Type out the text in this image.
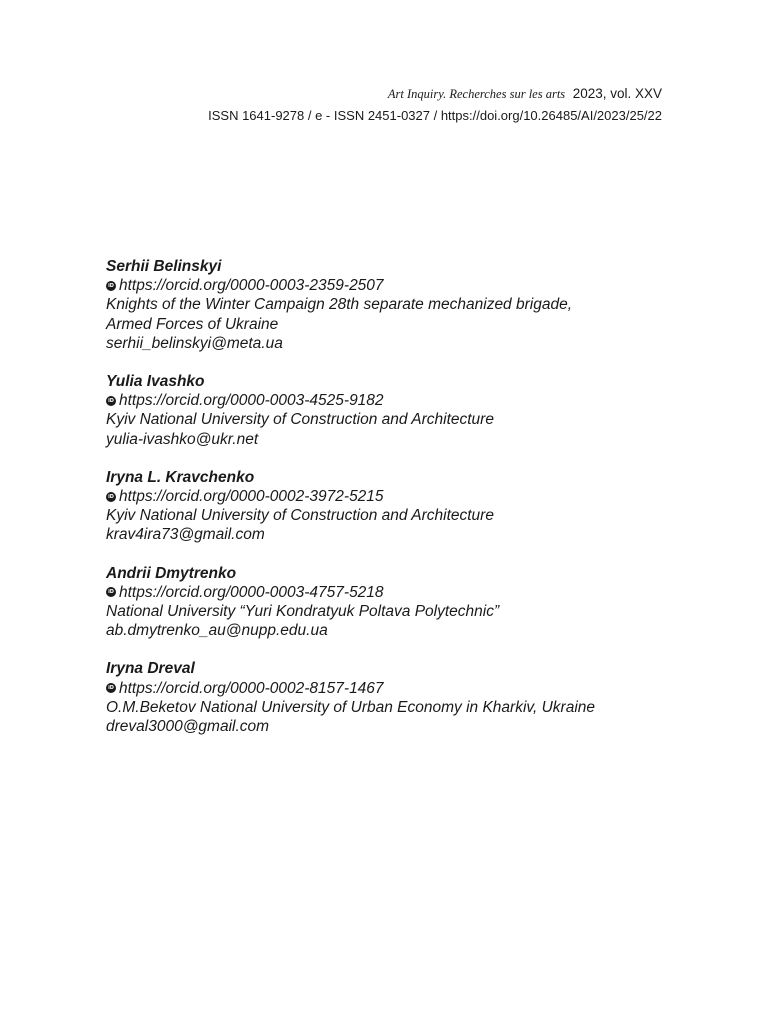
Art Inquiry. Recherches sur les arts 2023, vol. XXV
ISSN 1641-9278 / e - ISSN 2451-0327 / https://doi.org/10.26485/AI/2023/25/22
Serhii Belinskyi
iD https://orcid.org/0000-0003-2359-2507
Knights of the Winter Campaign 28th separate mechanized brigade,
Armed Forces of Ukraine
serhii_belinskyi@meta.ua
Yulia Ivashko
iD https://orcid.org/0000-0003-4525-9182
Kyiv National University of Construction and Architecture
yulia-ivashko@ukr.net
Iryna L. Kravchenko
iD https://orcid.org/0000-0002-3972-5215
Kyiv National University of Construction and Architecture
krav4ira73@gmail.com
Andrii Dmytrenko
iD https://orcid.org/0000-0003-4757-5218
National University “Yuri Kondratyuk Poltava Polytechnic”
ab.dmytrenko_au@nupp.edu.ua
Iryna Dreval
iD https://orcid.org/0000-0002-8157-1467
O.M.Beketov National University of Urban Economy in Kharkiv, Ukraine
dreval3000@gmail.com
